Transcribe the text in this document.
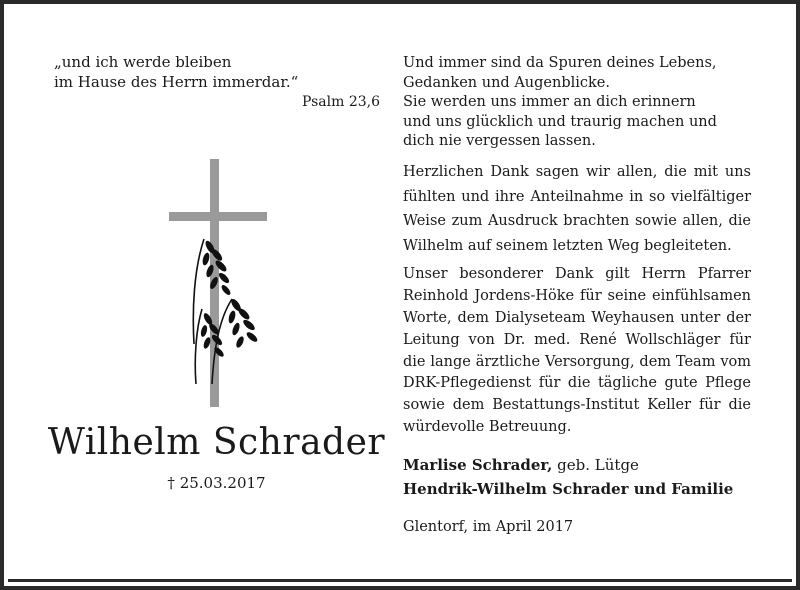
„und ich werde bleiben
im Hause des Herrn immerdar.“
Psalm 23,6
Wilhelm Schrader
† 25.03.2017
Und immer sind da Spuren deines Lebens,
Gedanken und Augenblicke.
Sie werden uns immer an dich erinnern
und uns glücklich und traurig machen und
dich nie vergessen lassen.
Herzlichen Dank sagen wir allen, die mit uns fühlten und ihre Anteilnahme in so vielfältiger Weise zum Ausdruck brachten sowie allen, die Wilhelm auf seinem letzten Weg begleiteten.
Unser besonderer Dank gilt Herrn Pfarrer Reinhold Jordens-Höke für seine einfühlsamen Worte, dem Dialyseteam Weyhausen unter der Leitung von Dr. med. René Wollschläger für die lange ärztliche Versorgung, dem Team vom DRK-Pflegedienst für die tägliche gute Pflege sowie dem Bestattungs-Institut Keller für die würdevolle Betreuung.
Marlise Schrader, geb. Lütge
Hendrik-Wilhelm Schrader und Familie
Glentorf, im April 2017
